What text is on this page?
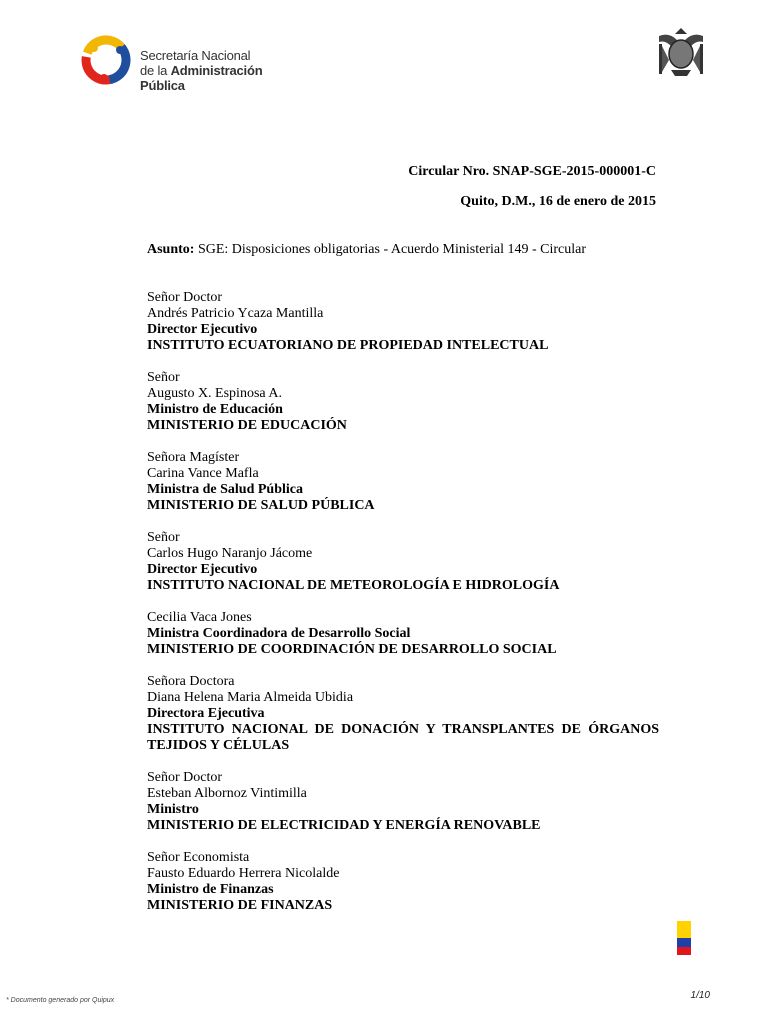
Secretaría Nacional
de la Administración Pública
Circular Nro. SNAP-SGE-2015-000001-C
Quito, D.M., 16 de enero de 2015
Asunto: SGE: Disposiciones obligatorias - Acuerdo Ministerial 149 - Circular
Señor Doctor
Andrés Patricio Ycaza Mantilla
Director Ejecutivo
INSTITUTO ECUATORIANO DE PROPIEDAD INTELECTUAL
Señor
Augusto X. Espinosa A.
Ministro de Educación
MINISTERIO DE EDUCACIÓN
Señora Magíster
Carina Vance Mafla
Ministra de Salud Pública
MINISTERIO DE SALUD PÚBLICA
Señor
Carlos Hugo Naranjo Jácome
Director Ejecutivo
INSTITUTO NACIONAL DE METEOROLOGÍA E HIDROLOGÍA
Cecilia Vaca Jones
Ministra Coordinadora de Desarrollo Social
MINISTERIO DE COORDINACIÓN DE DESARROLLO SOCIAL
Señora Doctora
Diana Helena Maria Almeida Ubidia
Directora Ejecutiva
INSTITUTO NACIONAL DE DONACIÓN Y TRANSPLANTES DE ÓRGANOS
TEJIDOS Y CÉLULAS
Señor Doctor
Esteban Albornoz Vintimilla
Ministro
MINISTERIO DE ELECTRICIDAD Y ENERGÍA RENOVABLE
Señor Economista
Fausto Eduardo Herrera Nicolalde
Ministro de Finanzas
MINISTERIO DE FINANZAS
* Documento generado por Quipux	1/10
